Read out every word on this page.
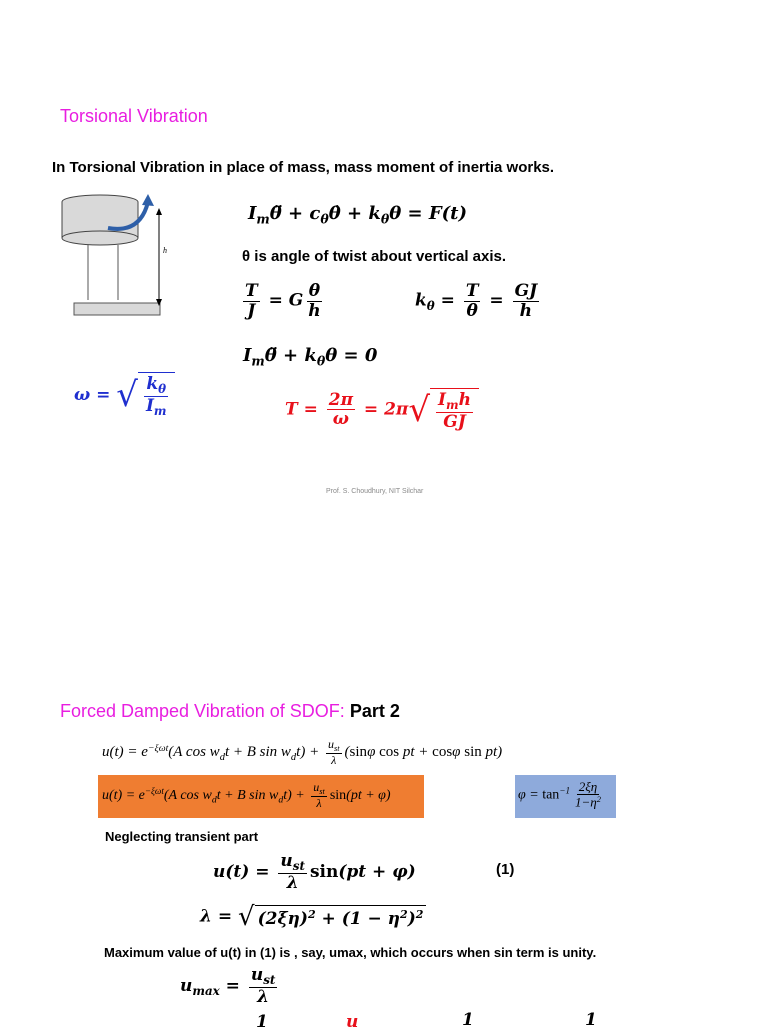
Torsional Vibration
In Torsional Vibration in place of mass, mass moment of inertia works.
h
$I_m\thetä$ + $c_\theta\thetȧ + k_\theta\theta = F(t)$
θ is angle of twist about vertical axis.
$\frac{T}{J} = G \frac{\theta}{h}$	$k_\theta = \frac{T}{\theta} = \frac{GJ}{h}$
$I_m\thetä + k_\theta\theta = 0$
ω = √ $\frac{k_\theta}{I_m}$	$T = \frac{2\pi}{\omega} = 2\pi$ √ $\frac{I_mh}{GJ}$
Prof. S. Choudhury, NIT Silchar
Forced Damped Vibration of SDOF: Part 2
$u(t) = e^{-\xi\omega t}(A$ $\cos w_dt + B$ $\sin w_dt) + \frac{u_{st}}{\lambda} (\sin\varphi$ cos pt + cosφ sin pt)
$u(t) = e^{-\xi\omega t}(A$ $\cos w_dt + B$ $\sin w_dt) + \frac{u_{st}}{\lambda} \sin(pt + \varphi)$	$\varphi = \tan^{-1} \frac{2\xi\eta}{1-\eta^2}$
Neglecting transient part
$u(t) = \frac{u_{st}}{\lambda} \sin(pt + \varphi)$	(1)
λ = √ $(2\xi\eta)^2 + (1 - \eta^2)^2$
Maximum value of u(t) in (1) is , say, umax, which occurs when sin term is unity.
$u_{max} = \frac{u_{st}}{\lambda}$
1	u	1	1
